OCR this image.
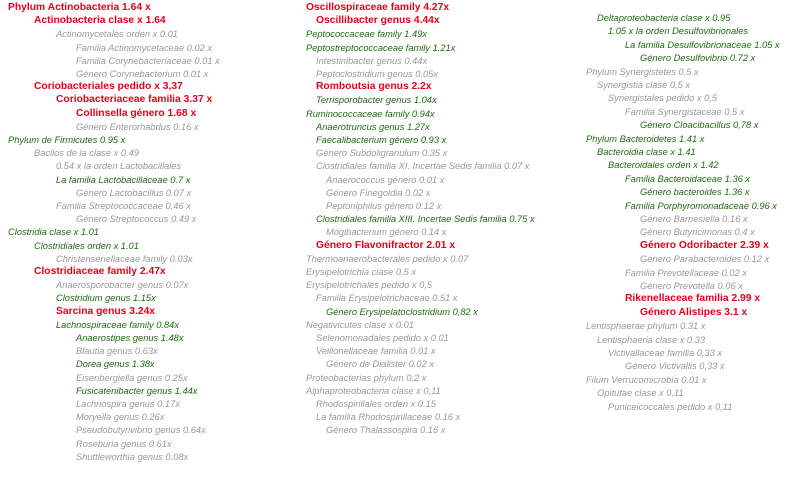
Phylum Actinobacteria 1.64 x
Actinobacteria clase x 1.64
Actinomycetales orden x 0.01
Familia Actinomycetaceae 0.02 x
Familia Corynebacteriaceae 0.01 x
Género Corynebacterium 0.01 x
Coriobacteriales pedido x 3,37
Coriobacteriaceae familia 3.37 x
Collinsella género 1.68 x
Género Enterorhabdus 0.16 x
Phylum de Firmicutes 0.95 x
Bacilos de la clase x 0.49
0.54 x la orden Lactobacillales
La familia Lactobacillaceae 0.7 x
Género Lactobacillus 0.07 x
Familia Streptococcaceae 0,46 x
Género Streptococcus 0.49 x
Clostridia clase x 1.01
Clostridiales orden x 1.01
Christensenellaceae family 0.03x
Clostridiaceae family 2.47x
Anaerosporobacter genus 0.07x
Clostridium genus 1.15x
Sarcina genus 3.24x
Lachnospiraceae family 0.84x
Anaerostipes genus 1.48x
Blautia genus 0.63x
Dorea genus 1.38x
Eisenbergiella genus 0.25x
Fusicatenibacter genus 1.44x
Lachnospira genus 0.17x
Moryella genus 0.26x
Pseudobutyrivibrio genus 0.64x
Roseburia genus 0.61x
Shuttleworthia genus 0.08x
Oscillospiraceae family 4.27x
Oscillibacter genus 4.44x
Peptococcaceae family 1.49x
Peptostreptococcaceae family 1.21x
Intestinibacter genus 0.44x
Peptoclostridium genus 0.05x
Romboutsia genus 2.2x
Terrisporobacter genus 1.04x
Ruminococcaceae family 0.94x
Anaerotruncus genus 1.27x
Faecalibacterium género 0.93 x
Género Subdoligranulum 0.35 x
Clostridiales familia XI. Incertae Sedis familia 0.07 x
Anaerococcus género 0.01 x
Género Finegoldia 0.02 x
Peptoniphilus género 0.12 x
Clostridiales familia XIII. Incertae Sedis familia 0.75 x
Mogibacterium género 0.14 x
Género Flavonifractor 2.01 x
Thermoanaerobacterales pedido x 0.07
Erysipelotrichia clase 0,5 x
Erysipelotrichales pedido x 0,5
Familia Erysipelotrichaceae 0.51 x
Género Erysipelatoclostridium 0,82 x
Negativicutes clase x 0.01
Selenomonadales pedido x 0.01
Veillonellaceae familia 0.01 x
Género de Dialister 0.02 x
Proteobacterias phylum 0.2 x
Alphaproteobacteria clase x 0,11
Rhodospirillales orden x 0.15
La familia Rhodospirillaceae 0.16 x
Género Thalassospira 0.16 x
Deltaproteobacteria clase x 0.95
1.05 x la orden Desulfovibrionales
La familia Desulfovibrionaceae 1.05 x
Género Desulfovibrio 0.72 x
Phylum Synergistetes 0.5 x
Synergistia clase 0,5 x
Synergistales pedido x 0,5
Familia Synergistaceae 0.5 x
Género Cloacibacillus 0,78 x
Phylum Bacteroidetes 1.41 x
Bacteroidia clase x 1.41
Bacteroidales orden x 1.42
Familia Bacteroidaceae 1.36 x
Género bacteroides 1.36 x
Familia Porphyromonadaceae 0.96 x
Género Barnesiella 0.16 x
Género Butyricimonas 0.4 x
Género Odoribacter 2.39 x
Género Parabacteroides 0.12 x
Familia Prevotellaceae 0.02 x
Género Prevotella 0.06 x
Rikenellaceae familia 2.99 x
Género Alistipes 3.1 x
Lentisphaerae phylum 0.31 x
Lentisphaeria clase x 0.33
Victivallaceae familia 0,33 x
Género Victivallis 0,33 x
Filum Verrucomicrobia 0.01 x
Opitutae clase x 0,11
Puniceicoccales pedido x 0,11
